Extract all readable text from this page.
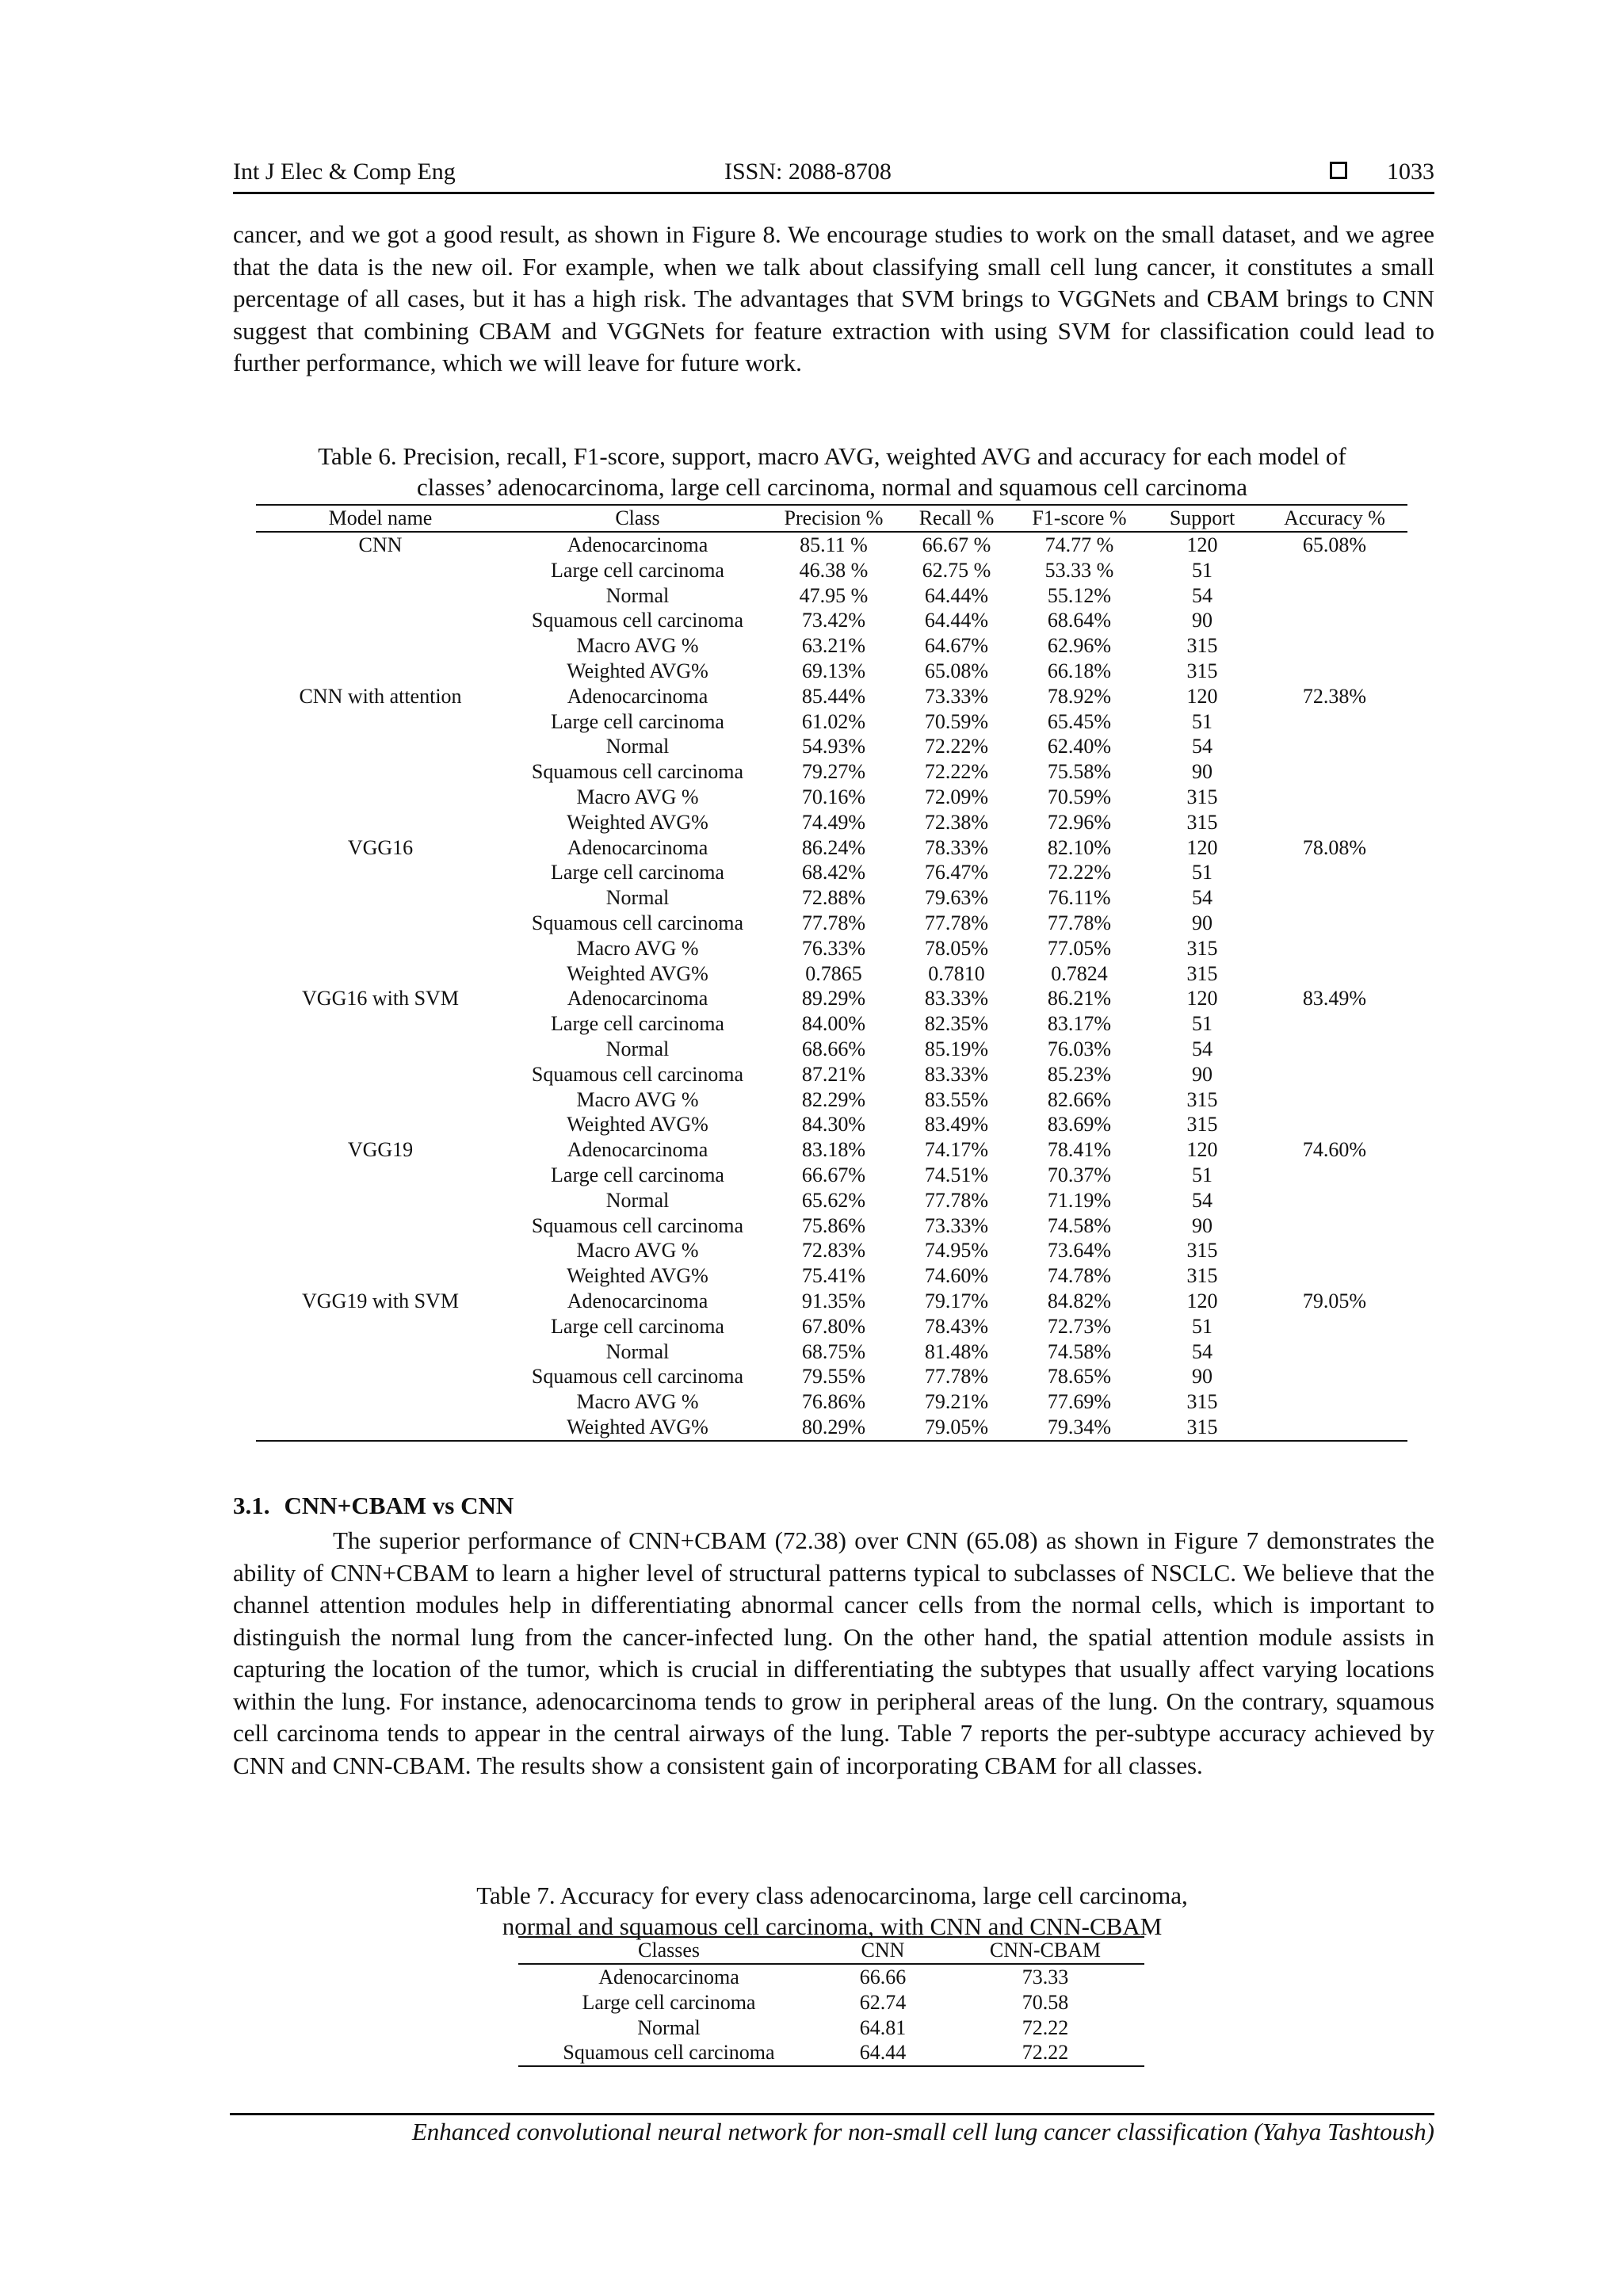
Int J Elec & Comp Eng	ISSN: 2088-8708	1033

cancer, and we got a good result, as shown in Figure 8. We encourage studies to work on the small dataset, and we agree that the data is the new oil. For example, when we talk about classifying small cell lung cancer, it constitutes a small percentage of all cases, but it has a high risk. The advantages that SVM brings to VGGNets and CBAM brings to CNN suggest that combining CBAM and VGGNets for feature extraction with using SVM for classification could lead to further performance, which we will leave for future work.

Table 6. Precision, recall, F1-score, support, macro AVG, weighted AVG and accuracy for each model of
classes’ adenocarcinoma, large cell carcinoma, normal and squamous cell carcinoma
Model name	Class	Precision %	Recall %	F1-score %	Support	Accuracy %
CNN	Adenocarcinoma	85.11 %	66.67 %	74.77 %	120	65.08%
	Large cell carcinoma	46.38 %	62.75 %	53.33 %	51	
	Normal	47.95 %	64.44%	55.12%	54	
	Squamous cell carcinoma	73.42%	64.44%	68.64%	90	
	Macro AVG %	63.21%	64.67%	62.96%	315	
	Weighted AVG%	69.13%	65.08%	66.18%	315	
CNN with attention	Adenocarcinoma	85.44%	73.33%	78.92%	120	72.38%
	Large cell carcinoma	61.02%	70.59%	65.45%	51	
	Normal	54.93%	72.22%	62.40%	54	
	Squamous cell carcinoma	79.27%	72.22%	75.58%	90	
	Macro AVG %	70.16%	72.09%	70.59%	315	
	Weighted AVG%	74.49%	72.38%	72.96%	315	
VGG16	Adenocarcinoma	86.24%	78.33%	82.10%	120	78.08%
	Large cell carcinoma	68.42%	76.47%	72.22%	51	
	Normal	72.88%	79.63%	76.11%	54	
	Squamous cell carcinoma	77.78%	77.78%	77.78%	90	
	Macro AVG %	76.33%	78.05%	77.05%	315	
	Weighted AVG%	0.7865	0.7810	0.7824	315	
VGG16 with SVM	Adenocarcinoma	89.29%	83.33%	86.21%	120	83.49%
	Large cell carcinoma	84.00%	82.35%	83.17%	51	
	Normal	68.66%	85.19%	76.03%	54	
	Squamous cell carcinoma	87.21%	83.33%	85.23%	90	
	Macro AVG %	82.29%	83.55%	82.66%	315	
	Weighted AVG%	84.30%	83.49%	83.69%	315	
VGG19	Adenocarcinoma	83.18%	74.17%	78.41%	120	74.60%
	Large cell carcinoma	66.67%	74.51%	70.37%	51	
	Normal	65.62%	77.78%	71.19%	54	
	Squamous cell carcinoma	75.86%	73.33%	74.58%	90	
	Macro AVG %	72.83%	74.95%	73.64%	315	
	Weighted AVG%	75.41%	74.60%	74.78%	315	
VGG19 with SVM	Adenocarcinoma	91.35%	79.17%	84.82%	120	79.05%
	Large cell carcinoma	67.80%	78.43%	72.73%	51	
	Normal	68.75%	81.48%	74.58%	54	
	Squamous cell carcinoma	79.55%	77.78%	78.65%	90	
	Macro AVG %	76.86%	79.21%	77.69%	315	
	Weighted AVG%	80.29%	79.05%	79.34%	315	
3.1. CNN+CBAM vs CNN

The superior performance of CNN+CBAM (72.38) over CNN (65.08) as shown in Figure 7 demonstrates the ability of CNN+CBAM to learn a higher level of structural patterns typical to subclasses of NSCLC. We believe that the channel attention modules help in differentiating abnormal cancer cells from the normal cells, which is important to distinguish the normal lung from the cancer-infected lung. On the other hand, the spatial attention module assists in capturing the location of the tumor, which is crucial in differentiating the subtypes that usually affect varying locations within the lung. For instance, adenocarcinoma tends to grow in peripheral areas of the lung. On the contrary, squamous cell carcinoma tends to appear in the central airways of the lung. Table 7 reports the per-subtype accuracy achieved by CNN and CNN-CBAM. The results show a consistent gain of incorporating CBAM for all classes.

Table 7. Accuracy for every class adenocarcinoma, large cell carcinoma,
normal and squamous cell carcinoma, with CNN and CNN-CBAM
Classes	CNN	CNN-CBAM
Adenocarcinoma	66.66	73.33
Large cell carcinoma	62.74	70.58
Normal	64.81	72.22
Squamous cell carcinoma	64.44	72.22
Enhanced convolutional neural network for non-small cell lung cancer classification (Yahya Tashtoush)
